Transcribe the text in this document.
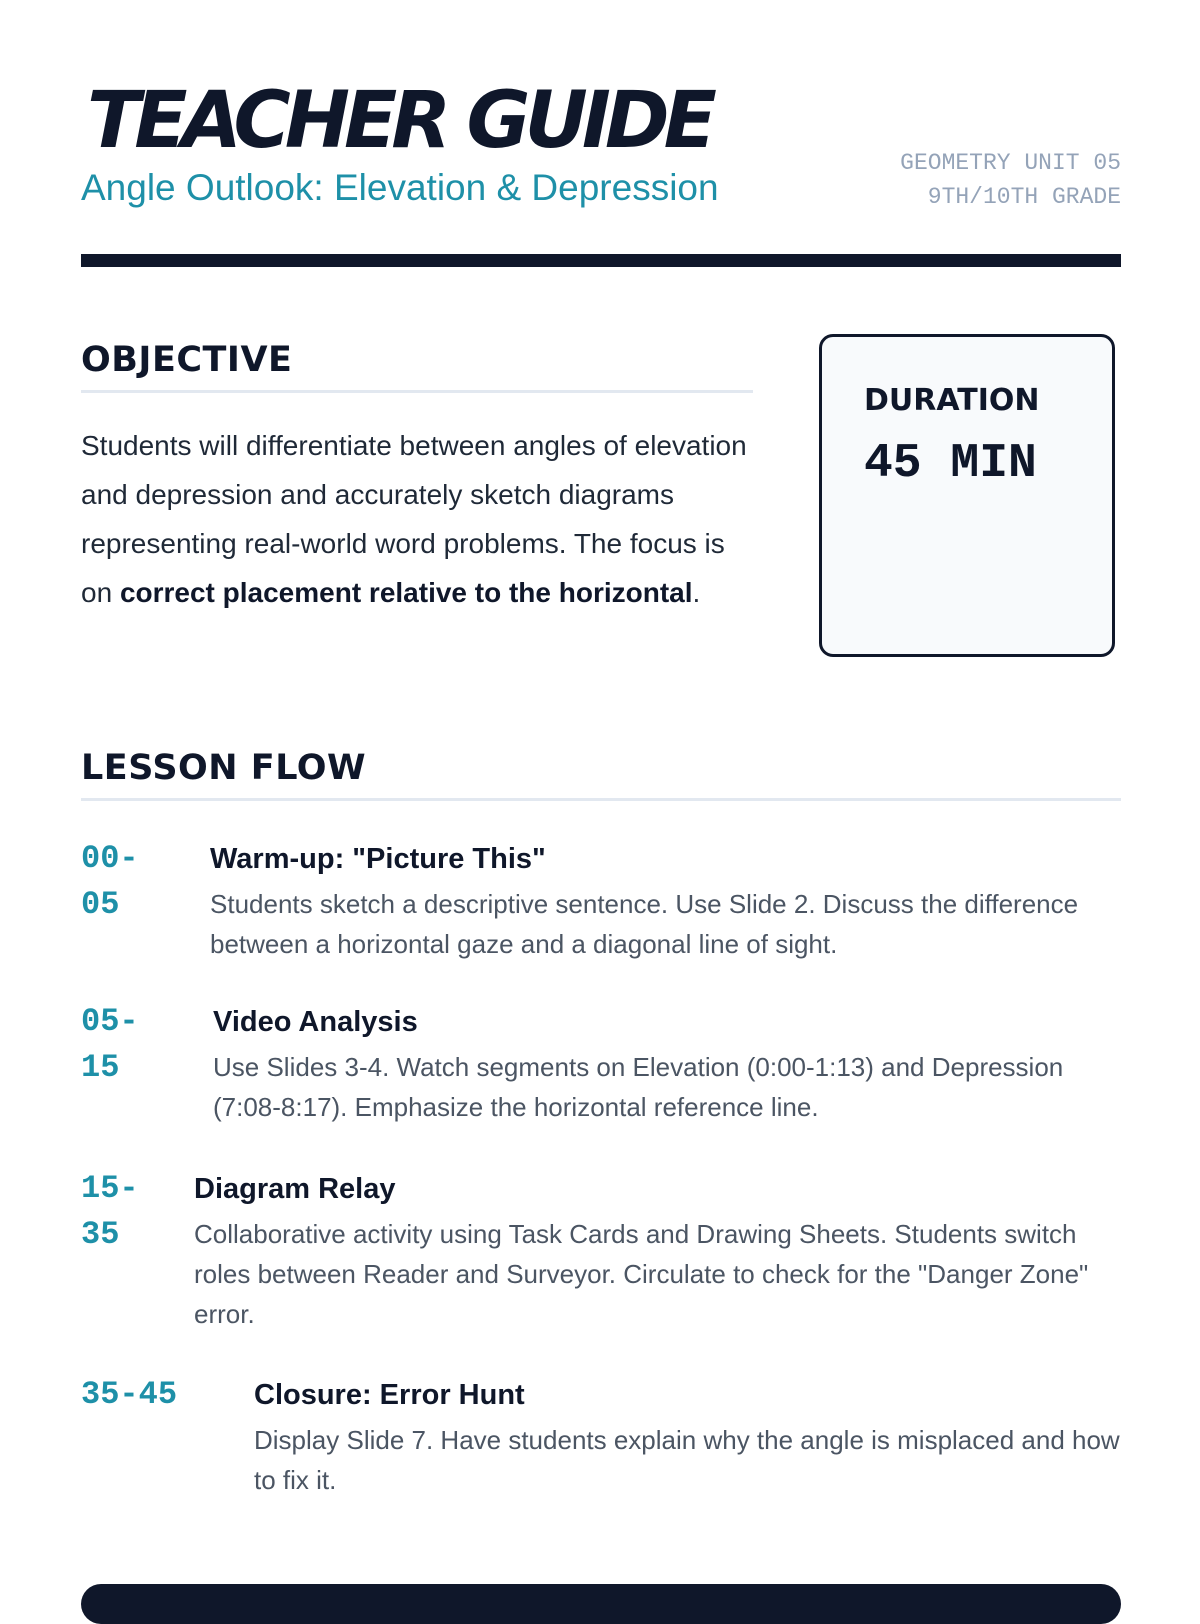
TEACHER GUIDE
Angle Outlook: Elevation & Depression
GEOMETRY UNIT 05
9TH/10TH GRADE
OBJECTIVE
Students will differentiate between angles of elevation and depression and accurately sketch diagrams representing real-world word problems. The focus is on correct placement relative to the horizontal.
DURATION
45 MIN
LESSON FLOW
00-
05
Warm-up: "Picture This"
Students sketch a descriptive sentence. Use Slide 2. Discuss the difference between a horizontal gaze and a diagonal line of sight.
05-
15
Video Analysis
Use Slides 3-4. Watch segments on Elevation (0:00-1:13) and Depression (7:08-8:17). Emphasize the horizontal reference line.
15-
35
Diagram Relay
Collaborative activity using Task Cards and Drawing Sheets. Students switch roles between Reader and Surveyor. Circulate to check for the "Danger Zone" error.
35-45	Closure: Error Hunt
Display Slide 7. Have students explain why the angle is misplaced and how to fix it.
